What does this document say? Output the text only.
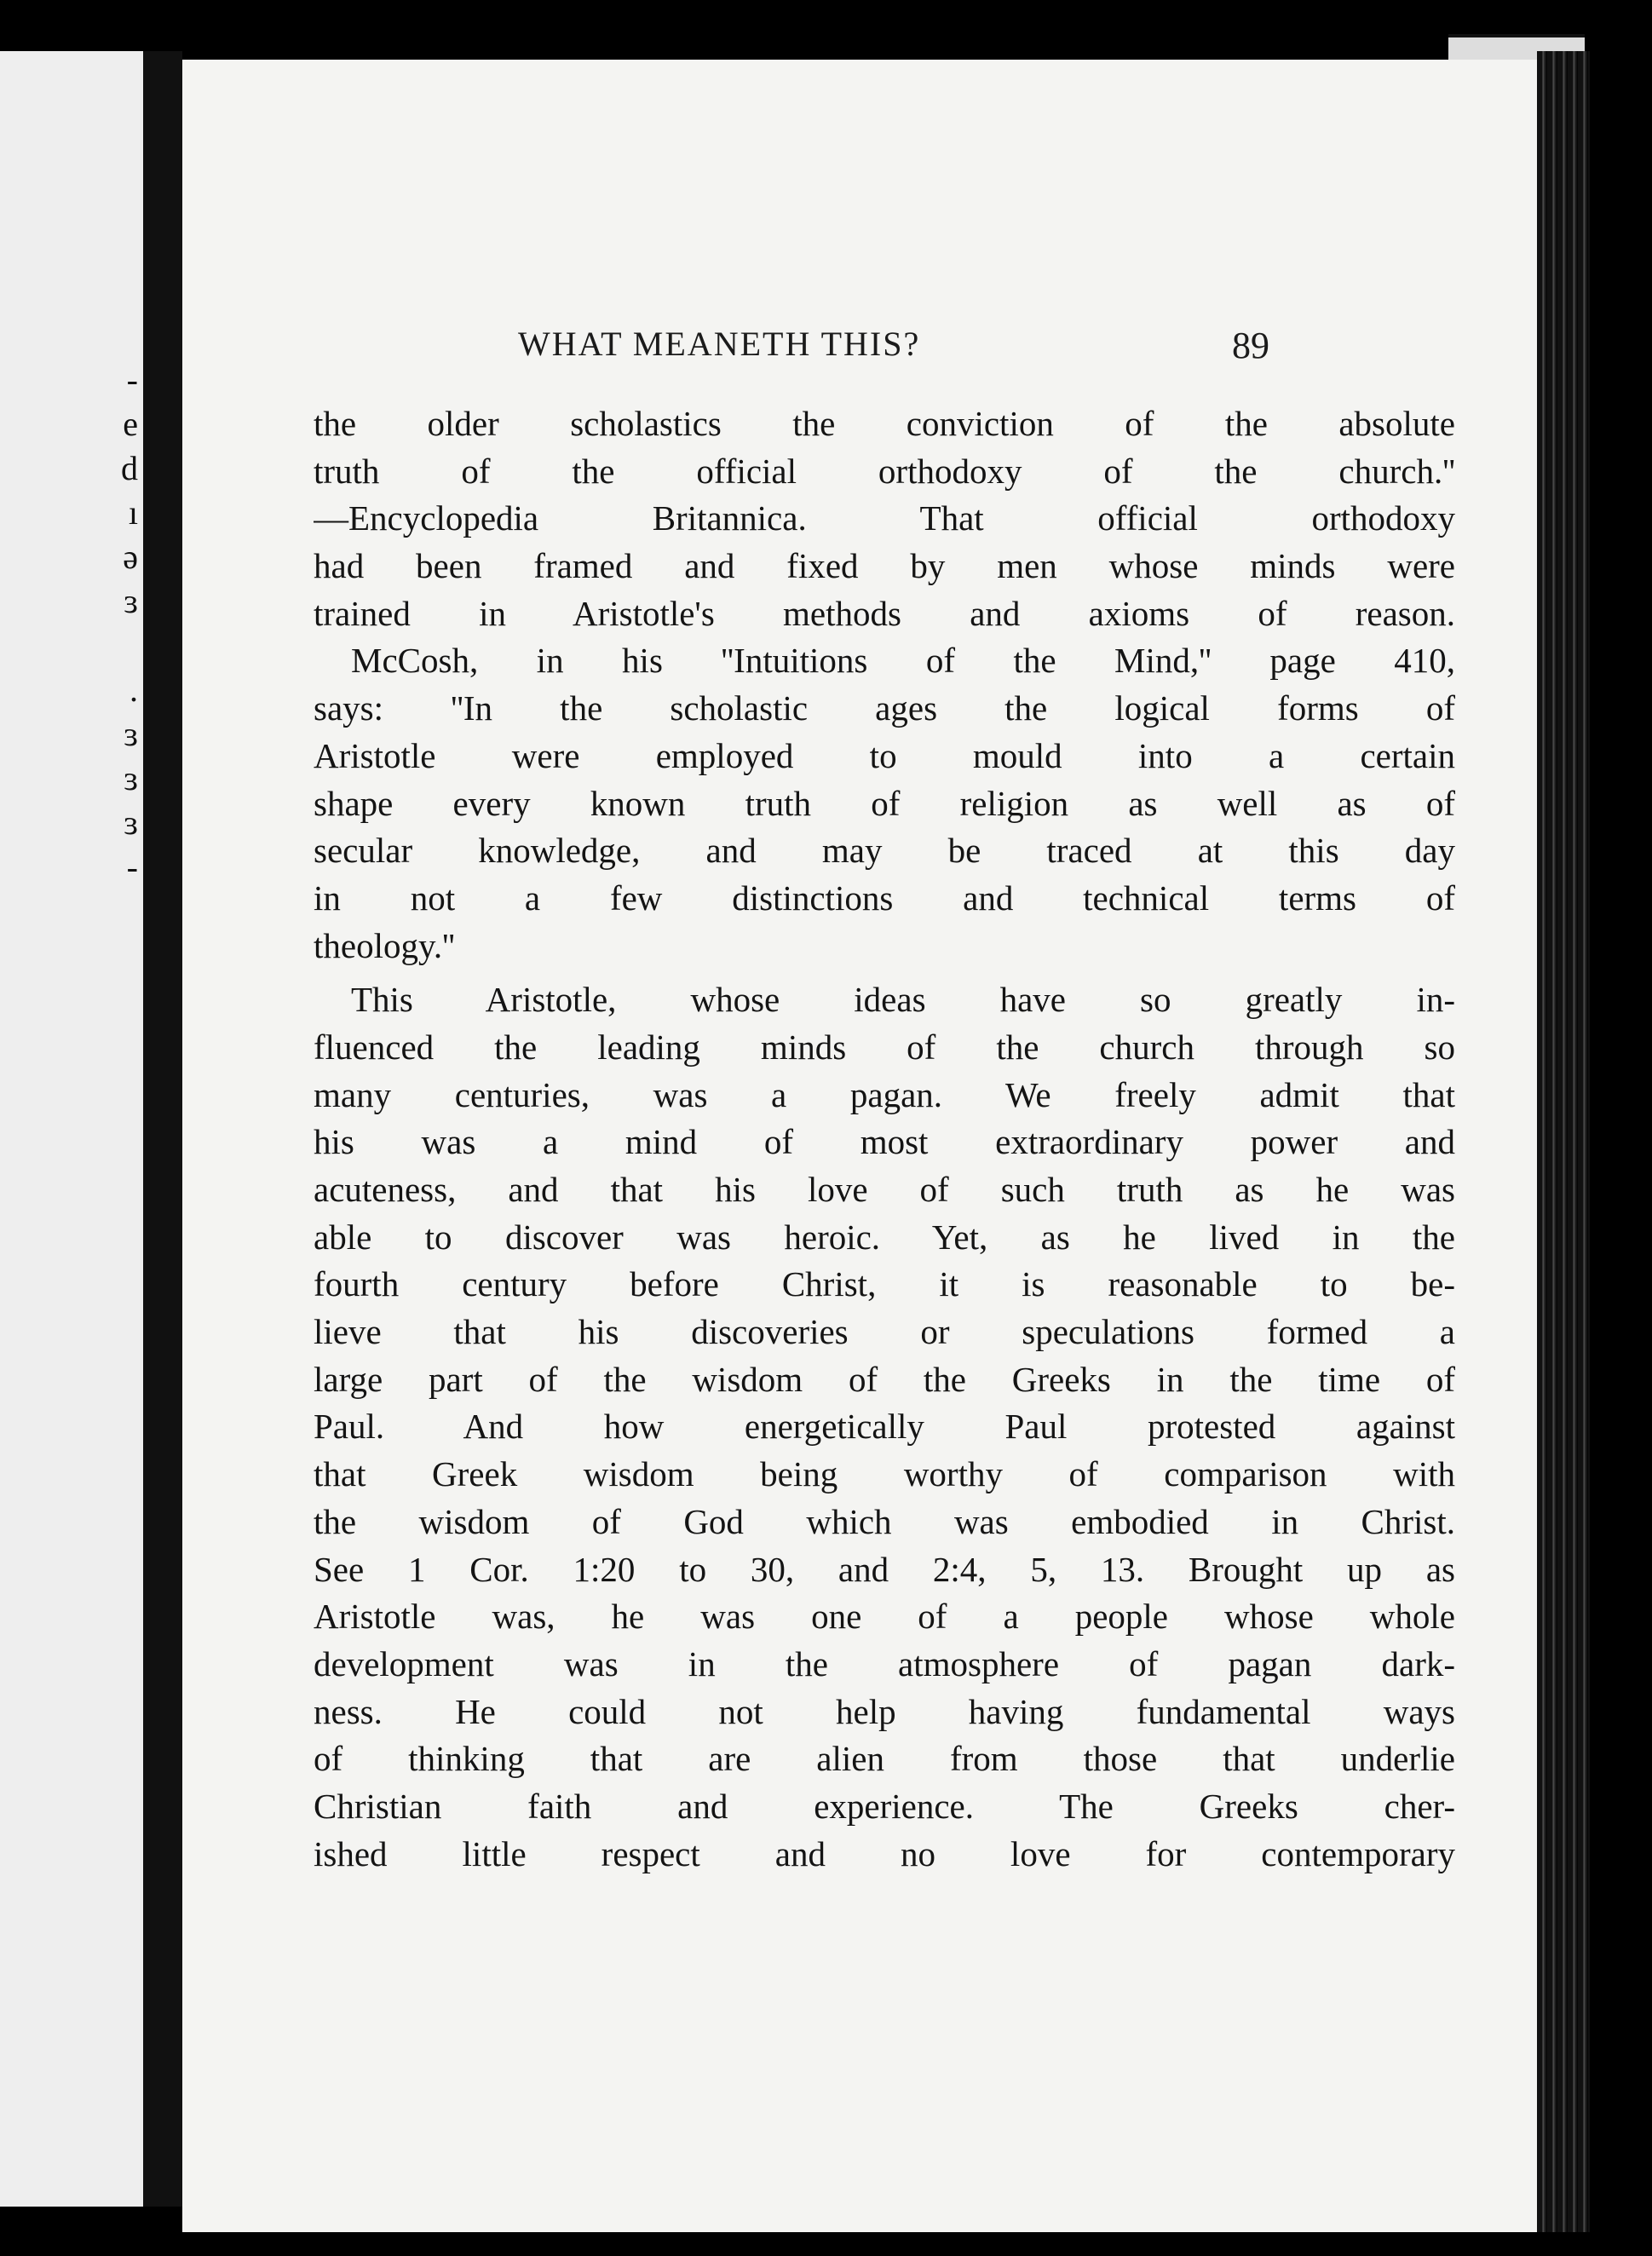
-
e
d
ı
ə
ɜ

.
ɜ
ɜ
ɜ
-
WHAT MEANETH THIS?	89
the older scholastics the conviction of the absolute
truth of the official orthodoxy of the church.''
—Encyclopedia Britannica. That official orthodoxy
had been framed and fixed by men whose minds were
trained in Aristotle's methods and axioms of reason.
McCosh, in his ''Intuitions of the Mind,'' page 410,
says: ''In the scholastic ages the logical forms of
Aristotle were employed to mould into a certain
shape every known truth of religion as well as of
secular knowledge, and may be traced at this day
in not a few distinctions and technical terms of
theology.''
This Aristotle, whose ideas have so greatly in-
fluenced the leading minds of the church through so
many centuries, was a pagan. We freely admit that
his was a mind of most extraordinary power and
acuteness, and that his love of such truth as he was
able to discover was heroic. Yet, as he lived in the
fourth century before Christ, it is reasonable to be-
lieve that his discoveries or speculations formed a
large part of the wisdom of the Greeks in the time of
Paul. And how energetically Paul protested against
that Greek wisdom being worthy of comparison with
the wisdom of God which was embodied in Christ.
See 1 Cor. 1:20 to 30, and 2:4, 5, 13. Brought up as
Aristotle was, he was one of a people whose whole
development was in the atmosphere of pagan dark-
ness. He could not help having fundamental ways
of thinking that are alien from those that underlie
Christian faith and experience. The Greeks cher-
ished little respect and no love for contemporary
